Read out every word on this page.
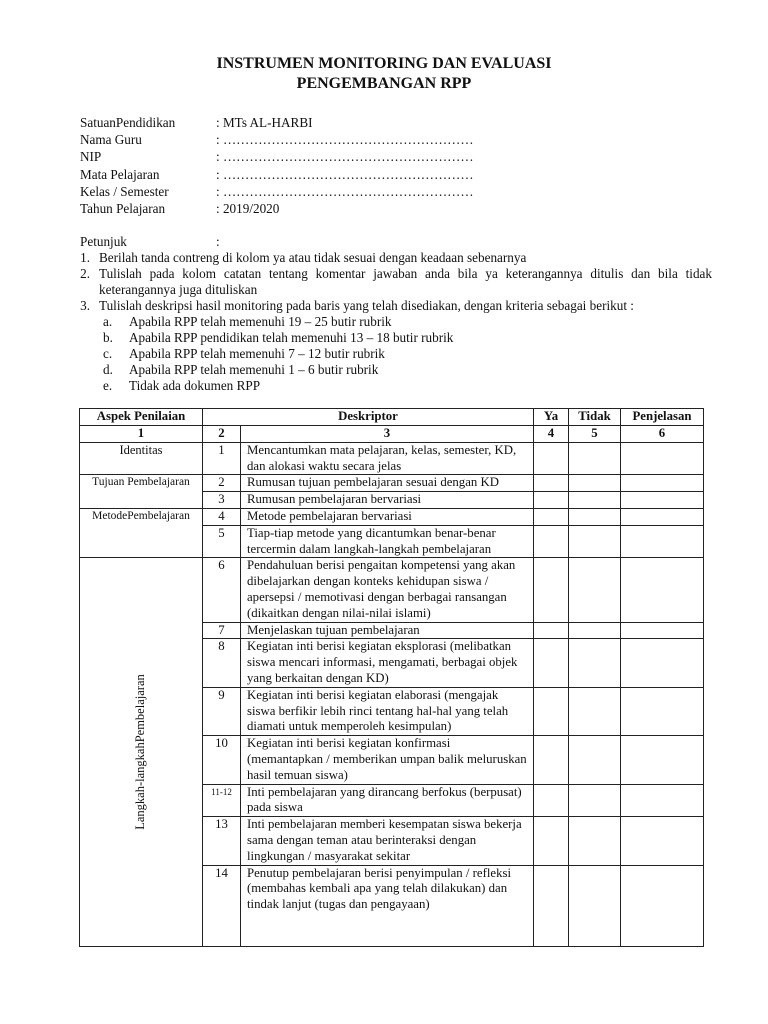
INSTRUMEN MONITORING DAN EVALUASI
PENGEMBANGAN RPP
SatuanPendidikan	: MTs AL-HARBI
Nama Guru	: …………………………………………………
NIP	: …………………………………………………
Mata Pelajaran	: …………………………………………………
Kelas / Semester	: …………………………………………………
Tahun Pelajaran	: 2019/2020
Petunjuk	:
1. Berilah tanda contreng di kolom ya atau tidak sesuai dengan keadaan sebenarnya
2. Tulislah pada kolom catatan tentang komentar jawaban anda bila ya keterangannya ditulis dan bila tidak keterangannya juga dituliskan
3. Tulislah deskripsi hasil monitoring pada baris yang telah disediakan, dengan kriteria sebagai berikut :
a.	Apabila RPP telah memenuhi 19 – 25 butir rubrik
b.	Apabila RPP pendidikan telah memenuhi 13 – 18 butir rubrik
c.	Apabila RPP telah memenuhi 7 – 12 butir rubrik
d.	Apabila RPP telah memenuhi 1 – 6 butir rubrik
e.	Tidak ada dokumen RPP
Aspek Penilaian	Deskriptor		Ya	Tidak	Penjelasan
1	2	3	4	5	6
Identitas	1	Mencantumkan mata pelajaran, kelas, semester, KD, dan alokasi waktu secara jelas			
Tujuan Pembelajaran	2	Rumusan tujuan pembelajaran sesuai dengan KD			
	3	Rumusan pembelajaran bervariasi			
MetodePembelajaran	4	Metode pembelajaran bervariasi			
	5	Tiap-tiap metode yang dicantumkan benar-benar tercermin dalam langkah-langkah pembelajaran			

Langkah-langkahPembelajaran	6	Pendahuluan berisi pengaitan kompetensi yang akan dibelajarkan dengan konteks kehidupan siswa / apersepsi / memotivasi dengan berbagai ransangan (dikaitkan dengan nilai-nilai islami)			
	7	Menjelaskan tujuan pembelajaran			
	8	Kegiatan inti berisi kegiatan eksplorasi (melibatkan siswa mencari informasi, mengamati, berbagai objek yang berkaitan dengan KD)			
	9	Kegiatan inti berisi kegiatan elaborasi (mengajak siswa berfikir lebih rinci tentang hal-hal yang telah diamati untuk memperoleh kesimpulan)			
	10	Kegiatan inti berisi kegiatan konfirmasi (memantapkan / memberikan umpan balik meluruskan hasil temuan siswa)			
	11-12	Inti pembelajaran yang dirancang berfokus (berpusat) pada siswa			
	13	Inti pembelajaran memberi kesempatan siswa bekerja sama dengan teman atau berinteraksi dengan lingkungan / masyarakat sekitar			
	14	Penutup pembelajaran berisi penyimpulan / refleksi (membahas kembali apa yang telah dilakukan) dan tindak lanjut (tugas dan pengayaan)			
